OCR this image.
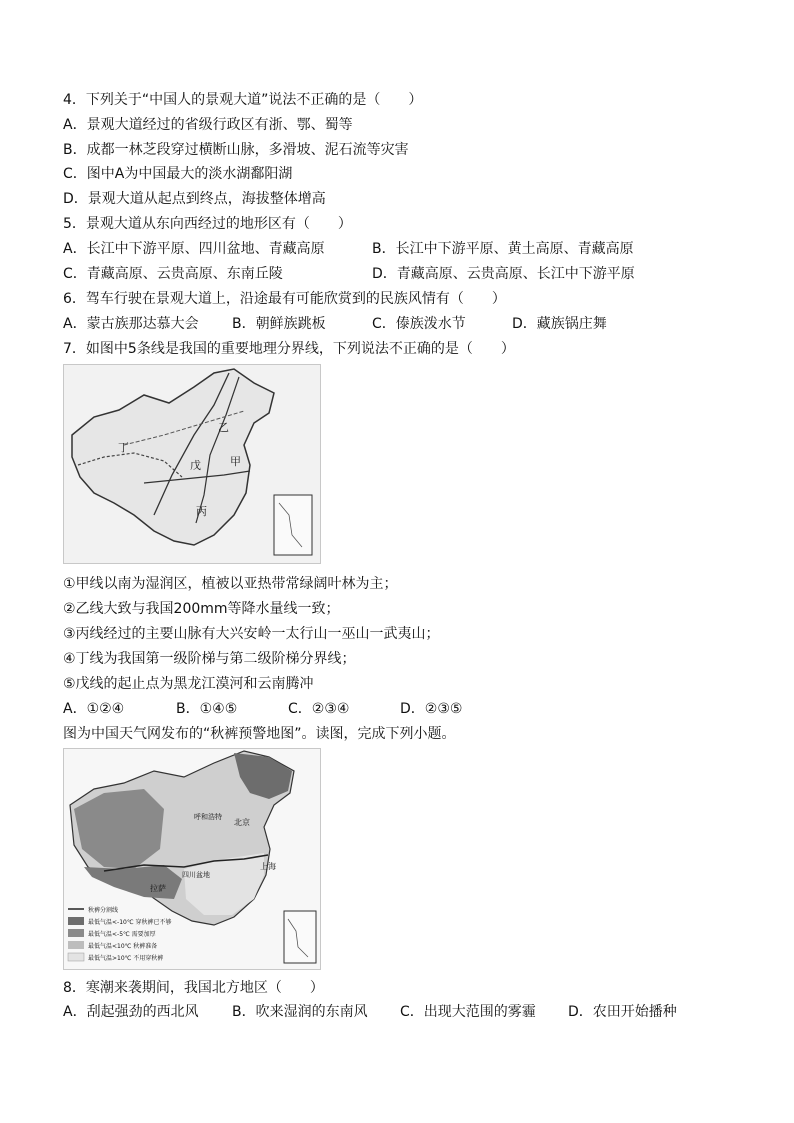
4．下列关于“中国人的景观大道”说法不正确的是（　　）
A．景观大道经过的省级行政区有浙、鄂、蜀等
B．成都一林芝段穿过横断山脉，多滑坡、泥石流等灾害
C．图中A为中国最大的淡水湖鄱阳湖
D．景观大道从起点到终点，海拔整体增高
5．景观大道从东向西经过的地形区有（　　）
A．长江中下游平原、四川盆地、青藏高原	B．长江中下游平原、黄土高原、青藏高原
C．青藏高原、云贵高原、东南丘陵	D．青藏高原、云贵高原、长江中下游平原
6．驾车行驶在景观大道上，沿途最有可能欣赏到的民族风情有（　　）
A．蒙古族那达慕大会 B．朝鲜族跳板	C．傣族泼水节	D．藏族锅庄舞
7．如图中5条线是我国的重要地理分界线，下列说法不正确的是（　　）
丁
戊	甲
丙
乙
①甲线以南为湿润区，植被以亚热带常绿阔叶林为主；
②乙线大致与我国200mm等降水量线一致；
③丙线经过的主要山脉有大兴安岭一太行山一巫山一武夷山；
④丁线为我国第一级阶梯与第二级阶梯分界线；
⑤戊线的起止点为黑龙江漠河和云南腾冲
A．①②④	B．①④⑤	C．②③④	D．②③⑤
图为中国天气网发布的“秋裤预警地图”。读图，完成下列小题。
拉萨
北京
呼和浩特
上海
四川盆地
秋裤分割线
最低气温<-10℃ 穿秋裤已不够
最低气温<-5℃ 需要加厚
最低气温<10℃ 秋裤准备
最低气温>10℃ 不用穿秋裤
8．寒潮来袭期间，我国北方地区（　　）
A．刮起强劲的西北风 B．吹来湿润的东南风 C．出现大范围的雾霾 D．农田开始播种
